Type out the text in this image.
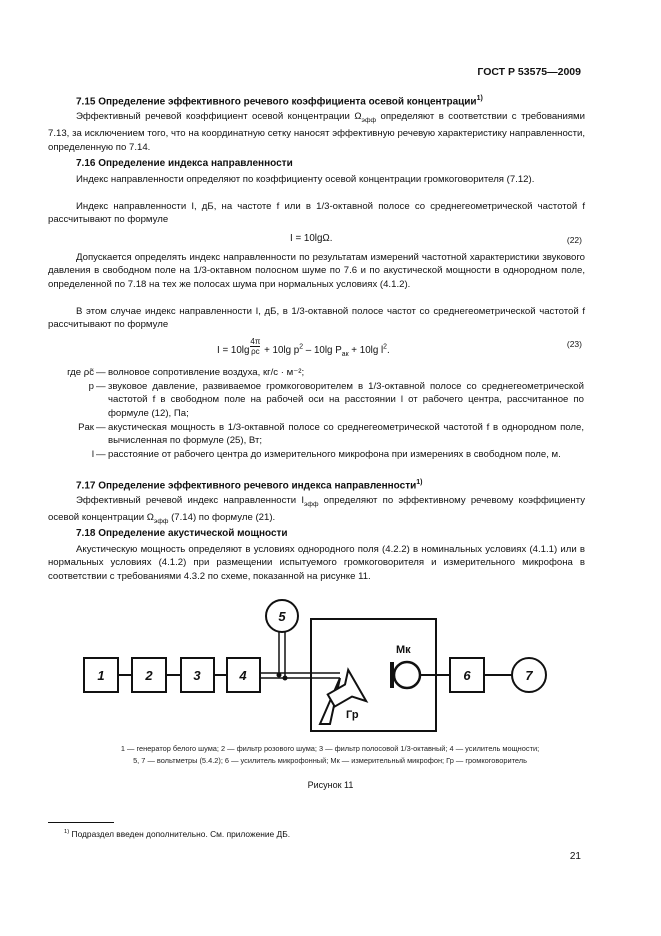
ГОСТ Р 53575—2009
7.15 Определение эффективного речевого коэффициента осевой концентрации$^{1)}$
Эффективный речевой коэффициент осевой концентрации $\Omega_{эфф}$ определяют в соответствии с требованиями 7.13, за исключением того, что на координатную сетку наносят эффективную речевую характеристику направленности, определенную по 7.14.
7.16 Определение индекса направленности
Индекс направленности определяют по коэффициенту осевой концентрации громкоговорителя (7.12).
Индекс направленности I, дБ, на частоте f или в 1/3-октавной полосе со среднегеометрической частотой f рассчитывают по формуле
I = 10lgΩ.	(22)
Допускается определять индекс направленности по результатам измерений частотной характеристики звукового давления в свободном поле на 1/3-октавном полосном шуме по 7.6 и по акустической мощности в однородном поле, определенной по 7.18 на тех же полосах шума при нормальных условиях (4.1.2).
В этом случае индекс направленности I, дБ, в 1/3-октавной полосе частот со среднегеометрической частотой f рассчитывают по формуле
$I = 10\lg \frac{4\pi}{\rho c} + 10\lg$ $p^2 - 10\lg$ $P_{ак} + 10\lg$ $l^2$.
(23)
где ρc̃ — волновое сопротивление воздуха, кг/с · м⁻²;
p — звуковое давление, развиваемое громкоговорителем в 1/3-октавной полосе со среднегеометрической частотой f в свободном поле на рабочей оси на расстоянии l от рабочего центра, рассчитанное по формуле (12), Па;
Pак — акустическая мощность в 1/3-октавной полосе со среднегеометрической частотой f в однородном поле, вычисленная по формуле (25), Вт;
l — расстояние от рабочего центра до измерительного микрофона при измерениях в свободном поле, м.
7.17 Определение эффективного речевого индекса направленности$^{1)}$
Эффективный речевой индекс направленности $I_{эфф}$ определяют по эффективному речевому коэффициенту осевой концентрации $\Omega_{эфф}$ (7.14) по формуле (21).
7.18 Определение акустической мощности
Акустическую мощность определяют в условиях однородного поля (4.2.2) в номинальных условиях (4.1.1) или в нормальных условиях (4.1.2) при размещении испытуемого громкоговорителя и измерительного микрофона в соответствии с требованиями 4.3.2 по схеме, показанной на рисунке 11.
1	2	3	4	6
5
7
Мк
Гр
1 — генератор белого шума; 2 — фильтр розового шума; 3 — фильтр полосовой 1/3-октавный; 4 — усилитель мощности;
5, 7 — вольтметры (5.4.2); 6 — усилитель микрофонный; Мк — измерительный микрофон; Гр — громкоговоритель
Рисунок 11
$^{1)}$ Подраздел введен дополнительно. См. приложение ДБ.
21
